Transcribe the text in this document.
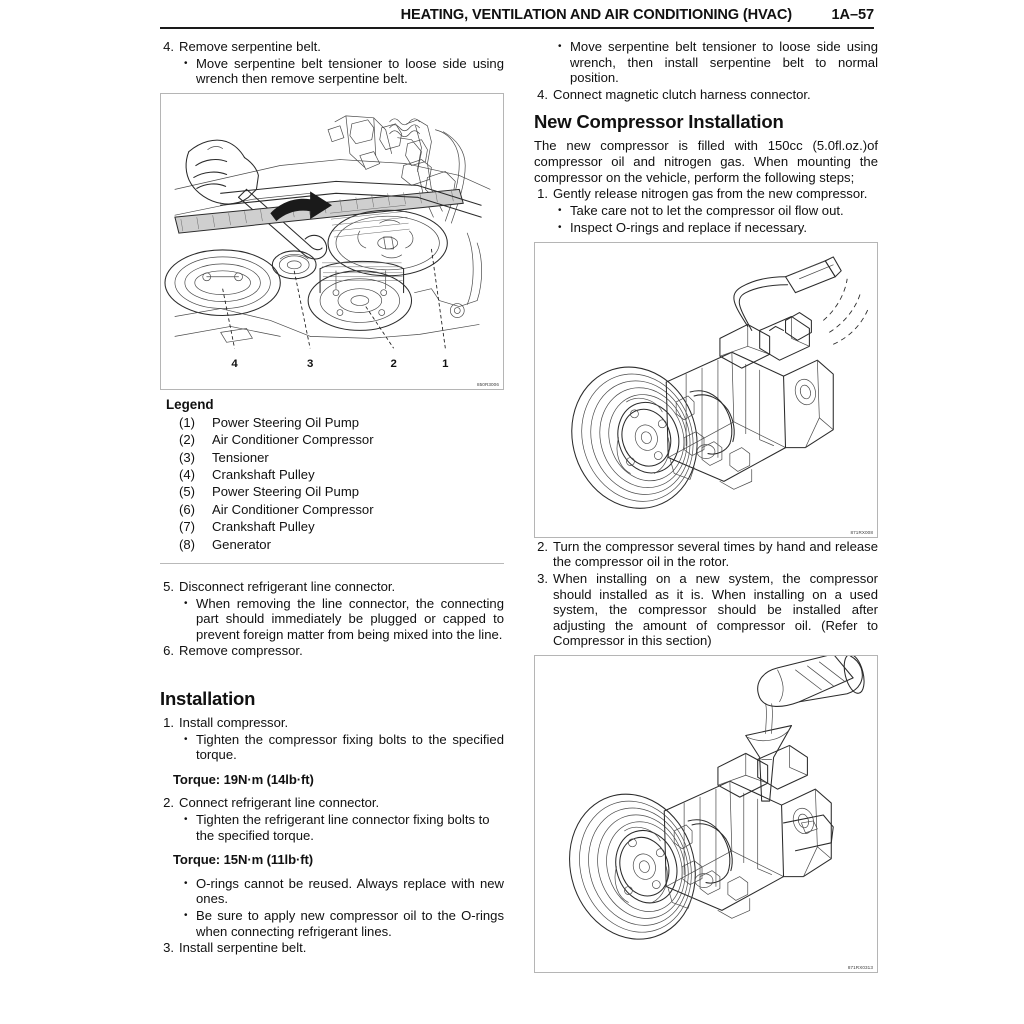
HEATING, VENTILATION AND AIR CONDITIONING (HVAC)	1A–57
4. Remove serpentine belt.
• Move serpentine belt tensioner to loose side using wrench then remove serpentine belt.
4	3	2	1
850R3006
Legend
(1)	Power Steering Oil Pump
(2)	Air Conditioner Compressor
(3)	Tensioner
(4)	Crankshaft Pulley
(5)	Power Steering Oil Pump
(6)	Air Conditioner Compressor
(7)	Crankshaft Pulley
(8)	Generator
5. Disconnect refrigerant line connector.
• When removing the line connector, the connecting part should immediately be plugged or capped to prevent foreign matter from being mixed into the line.
6. Remove compressor.
Installation
1. Install compressor.
• Tighten the compressor fixing bolts to the specified torque.
Torque: 19N·m (14lb·ft)
2. Connect refrigerant line connector.
• Tighten the refrigerant line connector fixing bolts to the specified torque.
Torque: 15N·m (11lb·ft)
• O-rings cannot be reused. Always replace with new ones.
• Be sure to apply new compressor oil to the O-rings when connecting refrigerant lines.
3. Install serpentine belt.
• Move serpentine belt tensioner to loose side using wrench, then install serpentine belt to normal position.
4. Connect magnetic clutch harness connector.
New Compressor Installation
The new compressor is filled with 150cc (5.0fl.oz.)of compressor oil and nitrogen gas. When mounting the compressor on the vehicle, perform the following steps;
1. Gently release nitrogen gas from the new compressor.
• Take care not to let the compressor oil flow out.
• Inspect O-rings and replace if necessary.
871RX008
2. Turn the compressor several times by hand and release the compressor oil in the rotor.
3. When installing on a new system, the compressor should installed as it is. When installing on a used system, the compressor should be installed after adjusting the amount of compressor oil. (Refer to Compressor in this section)
871RX0313
